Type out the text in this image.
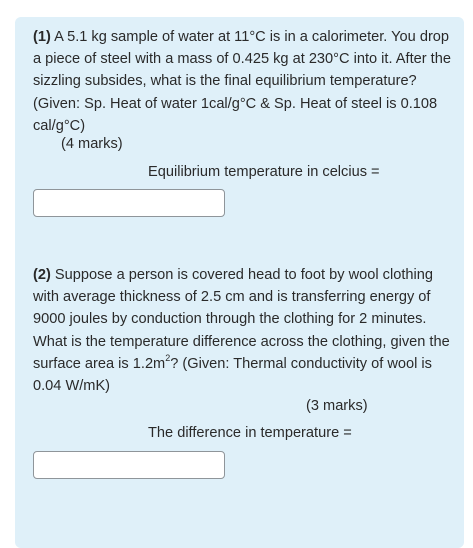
(1) A 5.1 kg sample of water at 11°C is in a calorimeter. You drop a piece of steel with a mass of 0.425 kg at 230°C into it. After the sizzling subsides, what is the final equilibrium temperature? (Given: Sp. Heat of water 1cal/g°C & Sp. Heat of steel is 0.108 cal/g°C)

(4 marks)
Equilibrium temperature in celcius =

(2) Suppose a person is covered head to foot by wool clothing with average thickness of 2.5 cm and is transferring energy of 9000 joules by conduction through the clothing for 2 minutes. What is the temperature difference across the clothing, given the surface area is $1.2m^2$? (Given: Thermal conductivity of wool is 0.04 W/mK)

(3 marks)
The difference in temperature =
